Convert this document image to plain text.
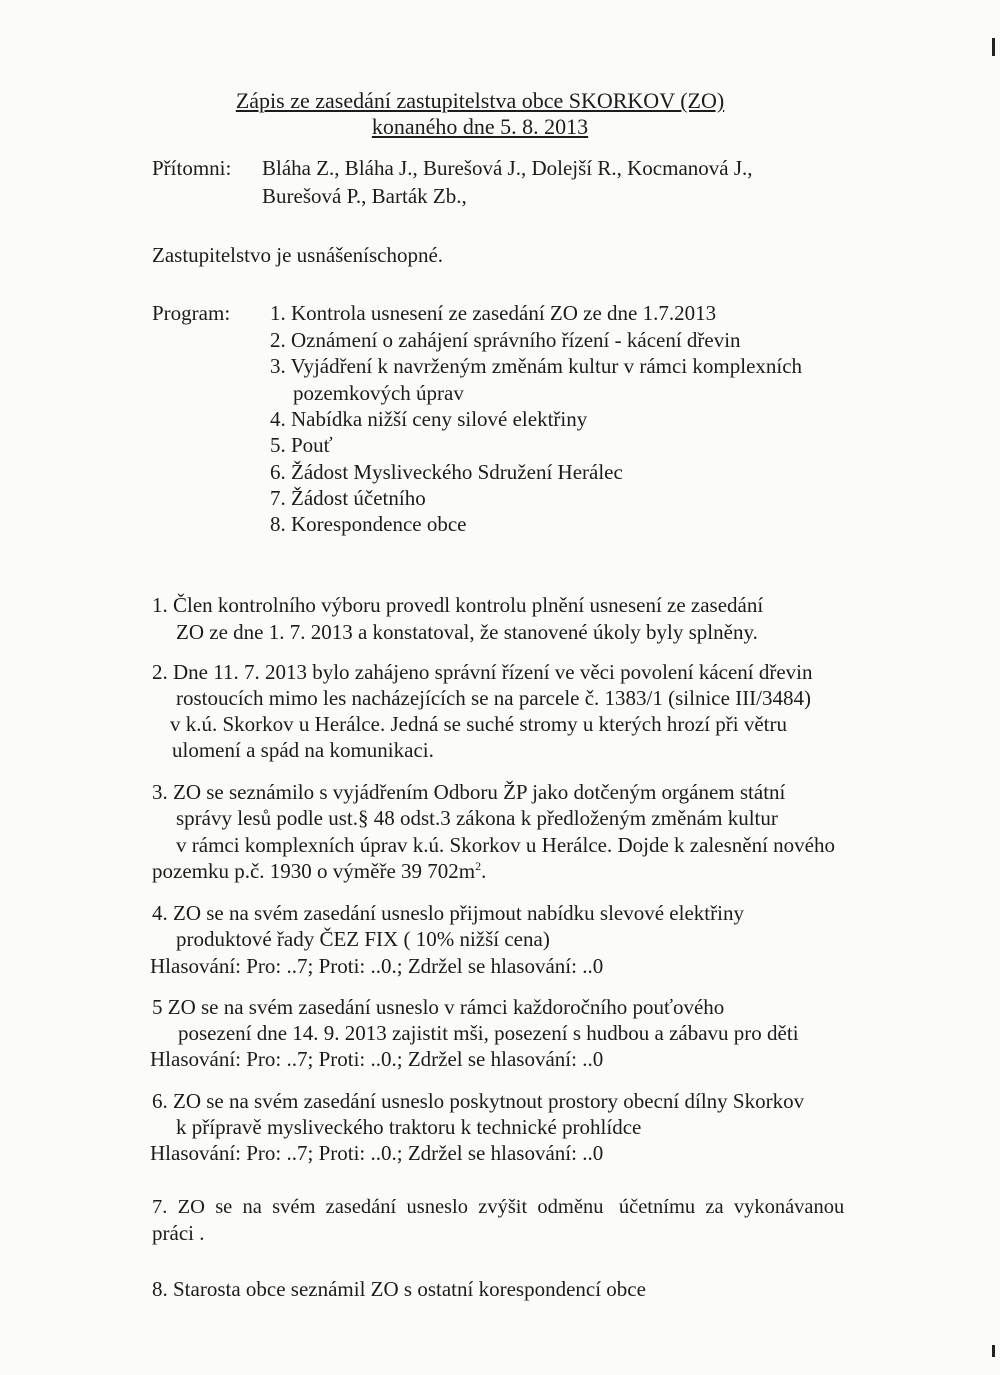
Zápis ze zasedání zastupitelstva obce SKORKOV (ZO)
konaného dne 5. 8. 2013
Přítomni: Bláha Z., Bláha J., Burešová J., Dolejší R., Kocmanová J.,
Burešová P., Barták Zb.,
Zastupitelstvo je usnášeníschopné.
Program: 1. Kontrola usnesení ze zasedání ZO ze dne 1.7.2013
2. Oznámení o zahájení správního řízení - kácení dřevin
3. Vyjádření k navrženým změnám kultur v rámci komplexních
pozemkových úprav
4. Nabídka nižší ceny silové elektřiny
5. Pouť
6. Žádost Mysliveckého Sdružení Herálec
7. Žádost účetního
8. Korespondence obce
1. Člen kontrolního výboru provedl kontrolu plnění usnesení ze zasedání
ZO ze dne 1. 7. 2013 a konstatoval, že stanovené úkoly byly splněny.
2. Dne 11. 7. 2013 bylo zahájeno správní řízení ve věci povolení kácení dřevin
rostoucích mimo les nacházejících se na parcele č. 1383/1 (silnice III/3484)
v k.ú. Skorkov u Herálce. Jedná se suché stromy u kterých hrozí při větru
ulomení a spád na komunikaci.
3. ZO se seznámilo s vyjádřením Odboru ŽP jako dotčeným orgánem státní
správy lesů podle ust.§ 48 odst.3 zákona k předloženým změnám kultur
v rámci komplexních úprav k.ú. Skorkov u Herálce. Dojde k zalesnění nového
pozemku p.č. 1930 o výměře 39 $702m^2$.
4. ZO se na svém zasedání usneslo přijmout nabídku slevové elektřiny
produktové řady ČEZ FIX ( 10% nižší cena)
Hlasování: Pro: ..7; Proti: ..0.; Zdržel se hlasování: ..0
5 ZO se na svém zasedání usneslo v rámci každoročního pouťového
posezení dne 14. 9. 2013 zajistit mši, posezení s hudbou a zábavu pro děti
Hlasování: Pro: ..7; Proti: ..0.; Zdržel se hlasování: ..0
6. ZO se na svém zasedání usneslo poskytnout prostory obecní dílny Skorkov
k přípravě mysliveckého traktoru k technické prohlídce
Hlasování: Pro: ..7; Proti: ..0.; Zdržel se hlasování: ..0
7.  ZO  se  na  svém  zasedání  usneslo  zvýšit  odměnu   účetnímu  za  vykonávanou
práci .
8. Starosta obce seznámil ZO s ostatní korespondencí obce
